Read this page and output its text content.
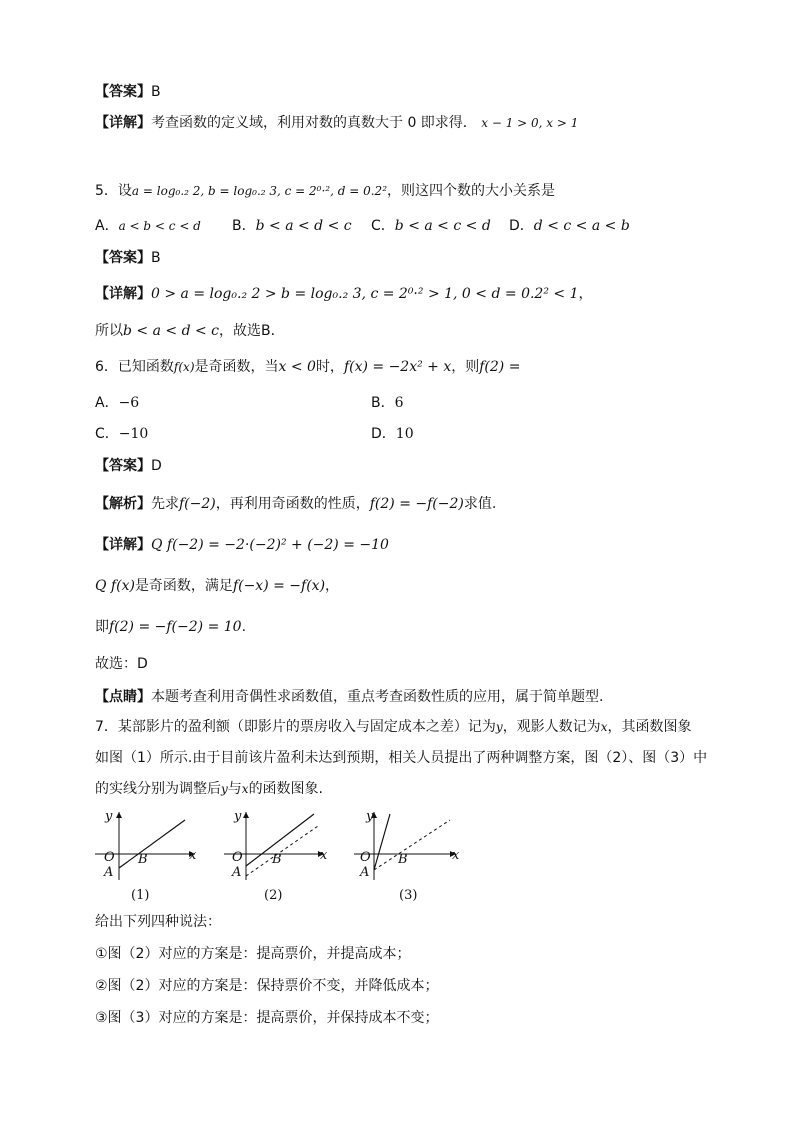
【答案】B
【详解】考查函数的定义域，利用对数的真数大于 0 即求得． x − 1 > 0, x > 1
5．设a = log₀.₂ 2, b = log₀.₂ 3, c = 2⁰·², d = 0.2²，则这四个数的大小关系是
A．a < b < c < d B．b < a < d < c C．b < a < c < d D．d < c < a < b
【答案】B
【详解】0 > a = log₀.₂ 2 > b = log₀.₂ 3, c = 2⁰·² > 1, 0 < d = 0.2² < 1，
所以b < a < d < c，故选B．
6．已知函数f(x)是奇函数，当x < 0时，f(x) = −2x² + x，则f(2) =
A．−6	B．6
C．−10	D．10
【答案】D
【解析】先求f(−2)，再利用奇函数的性质，f(2) = −f(−2)求值.
【详解】Q f(−2) = −2·(−2)² + (−2) = −10
Q f(x)是奇函数，满足f(−x) = −f(x)，
即f(2) = −f(−2) = 10.
故选：D
【点睛】本题考查利用奇偶性求函数值，重点考查函数性质的应用，属于简单题型.
7．某部影片的盈利额（即影片的票房收入与固定成本之差）记为y，观影人数记为x，其函数图象
如图（1）所示.由于目前该片盈利未达到预期，相关人员提出了两种调整方案，图（2）、图（3）中
的实线分别为调整后y与x的函数图象.
y
x
O
A
B
(1)
y
x
O
A
B
(2)
y
x
O
A
B
(3)
给出下列四种说法：
①图（2）对应的方案是：提高票价，并提高成本；
②图（2）对应的方案是：保持票价不变，并降低成本；
③图（3）对应的方案是：提高票价，并保持成本不变；
